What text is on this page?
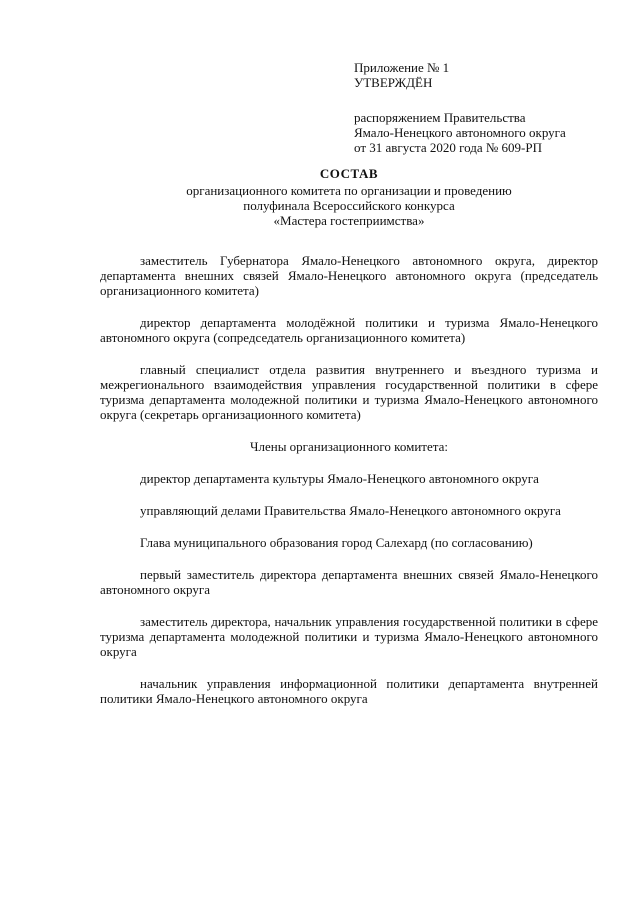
Приложение № 1
УТВЕРЖДЁН
распоряжением Правительства
Ямало-Ненецкого автономного округа
от 31 августа 2020 года № 609-РП
СОСТАВ
организационного комитета по организации и проведению
полуфинала Всероссийского конкурса
«Мастера гостеприимства»

заместитель Губернатора Ямало-Ненецкого автономного округа, директор департамента внешних связей Ямало-Ненецкого автономного округа (председатель организационного комитета)

директор департамента молодёжной политики и туризма Ямало-Ненецкого автономного округа (сопредседатель организационного комитета)

главный специалист отдела развития внутреннего и въездного туризма и межрегионального взаимодействия управления государственной политики в сфере туризма департамента молодежной политики и туризма Ямало-Ненецкого автономного округа (секретарь организационного комитета)

Члены организационного комитета:

директор департамента культуры Ямало-Ненецкого автономного округа

управляющий делами Правительства Ямало-Ненецкого автономного округа

Глава муниципального образования город Салехард (по согласованию)

первый заместитель директора департамента внешних связей Ямало-Ненецкого автономного округа

заместитель директора, начальник управления государственной политики в сфере туризма департамента молодежной политики и туризма Ямало-Ненецкого автономного округа

начальник управления информационной политики департамента внутренней политики Ямало-Ненецкого автономного округа
